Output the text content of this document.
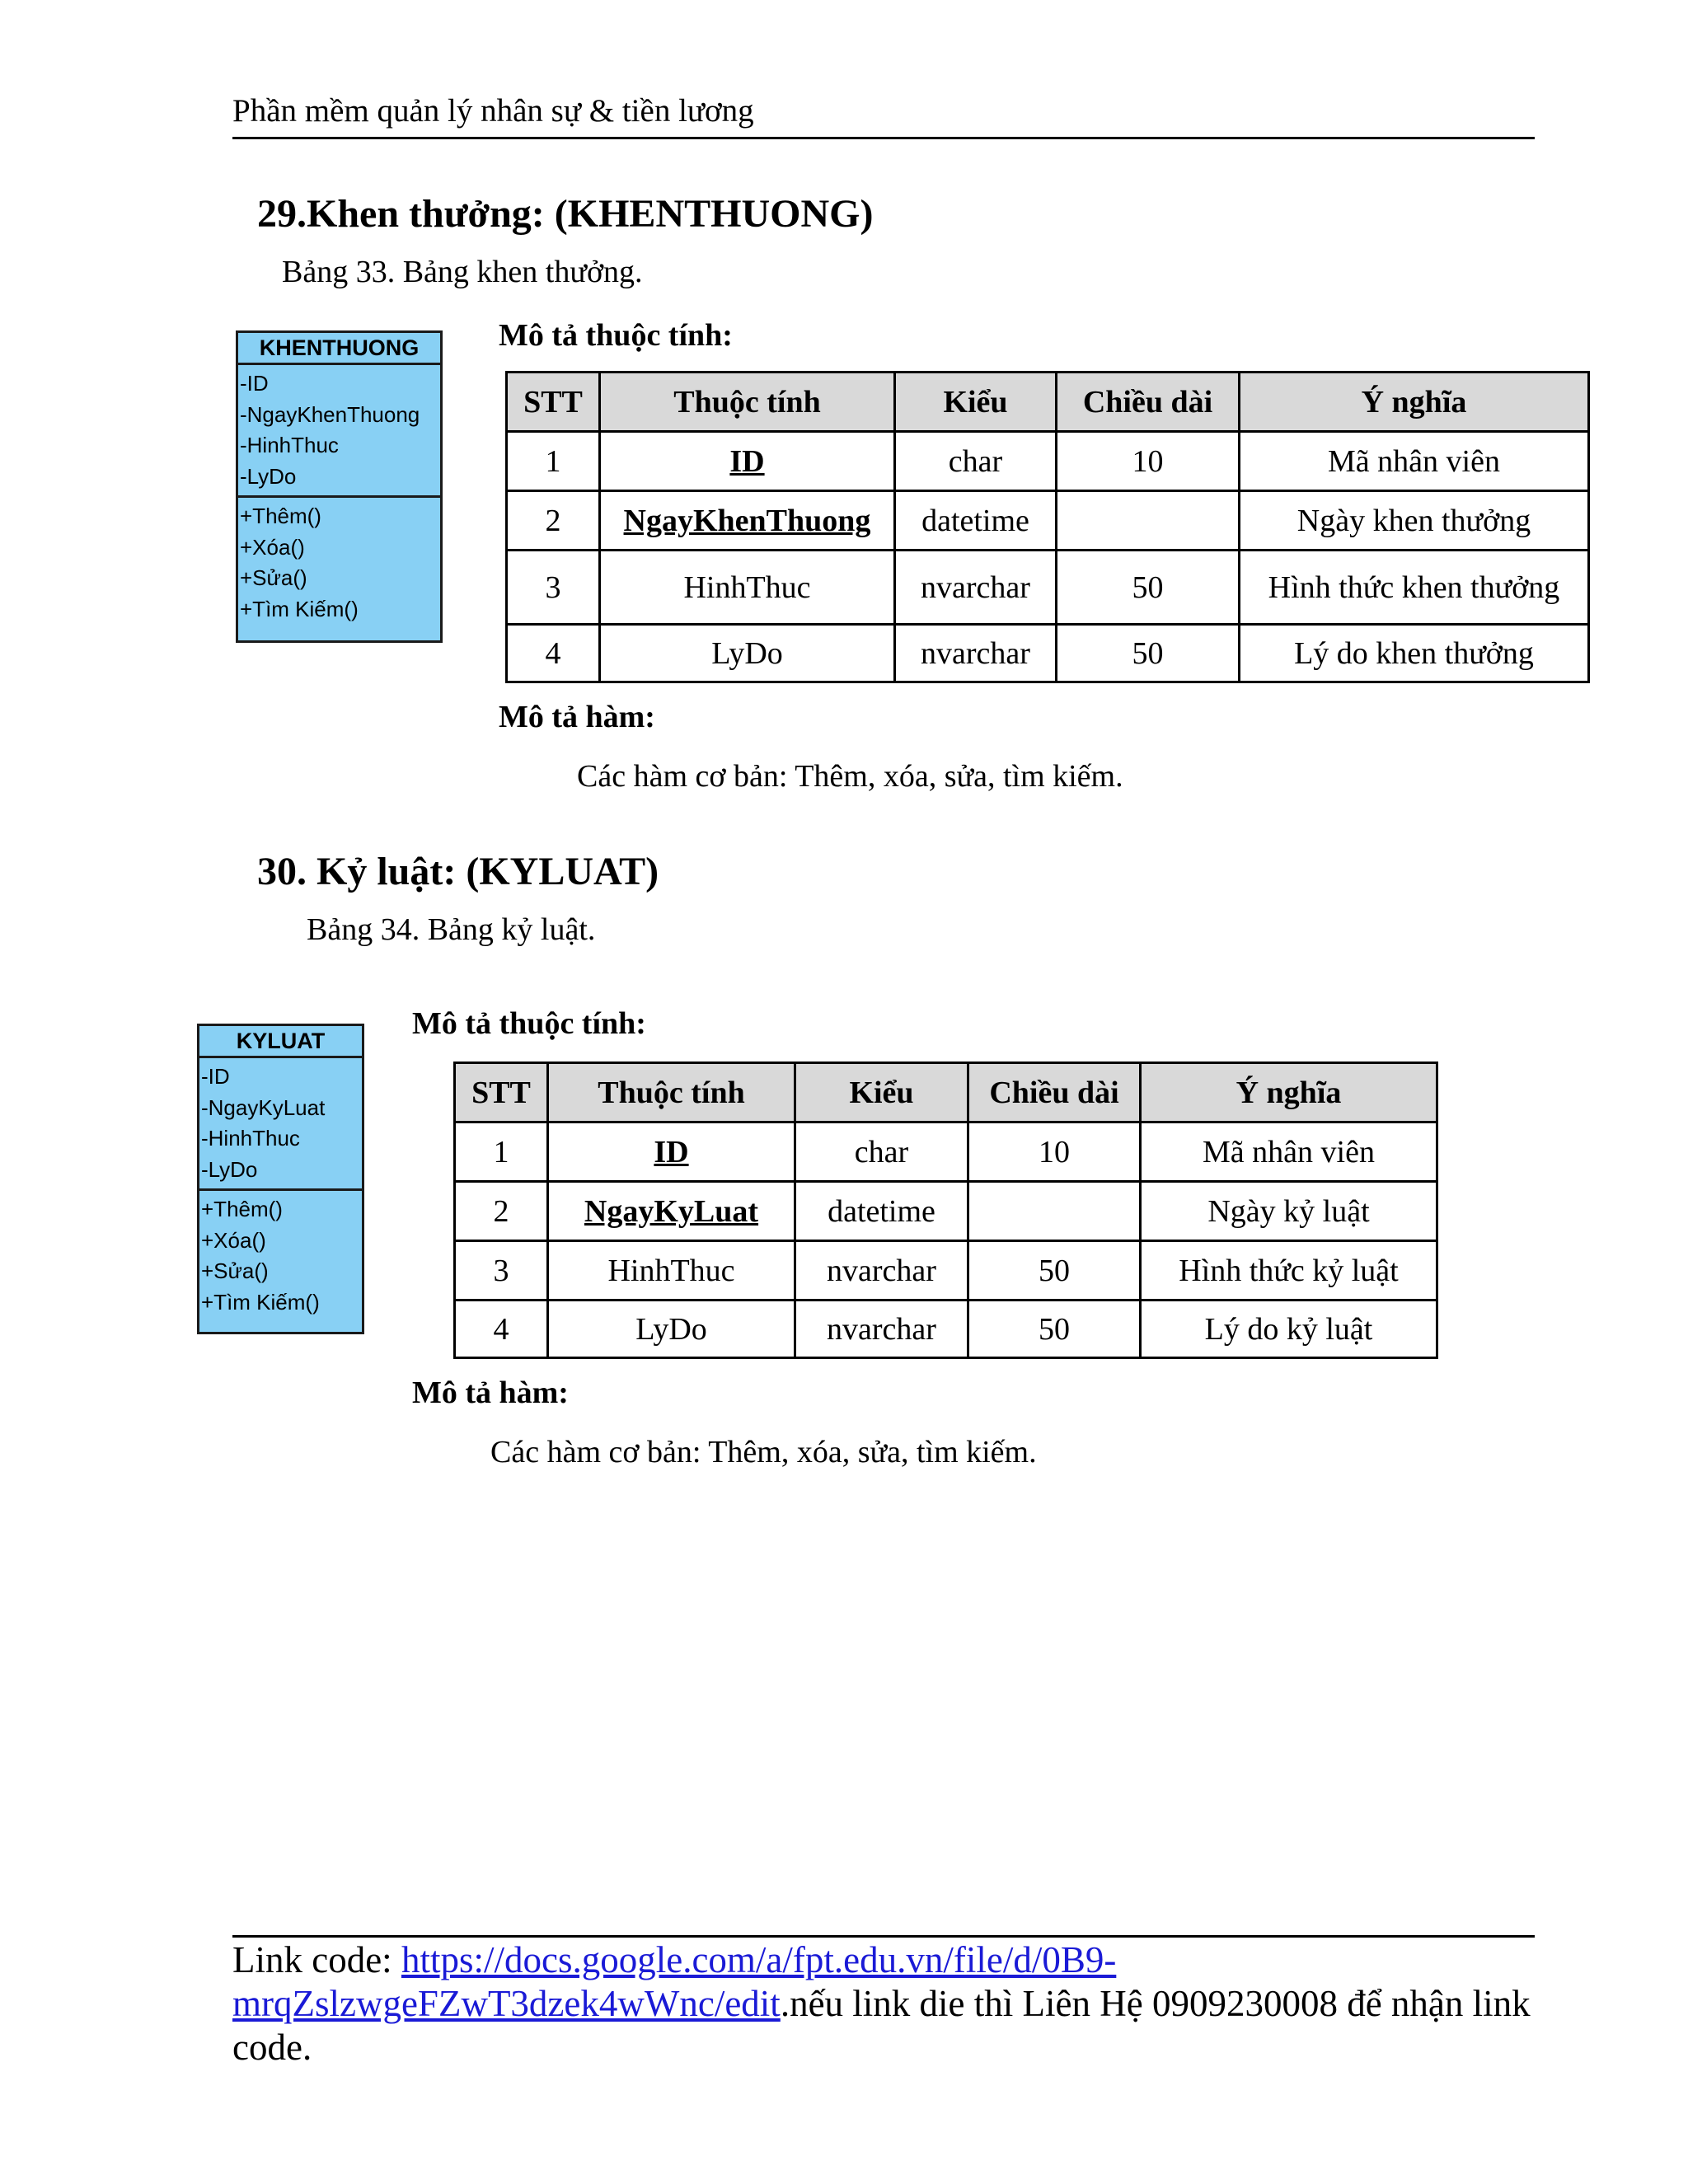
Phần mềm quản lý nhân sự & tiền lương
29.Khen thưởng: (KHENTHUONG)
Bảng 33. Bảng khen thưởng.
KHENTHUONG
-ID
-NgayKhenThuong
-HinhThuc
-LyDo
+Thêm()
+Xóa()
+Sửa()
+Tìm Kiếm()
Mô tả thuộc tính:
STT	Thuộc tính	Kiểu	Chiều dài	Ý nghĩa
1	ID	char	10	Mã nhân viên
2	NgayKhenThuong	datetime		Ngày khen thưởng
3	HinhThuc	nvarchar	50	Hình thức khen thưởng
4	LyDo	nvarchar	50	Lý do khen thưởng
Mô tả hàm:
Các hàm cơ bản: Thêm, xóa, sửa, tìm kiếm.
30. Kỷ luật: (KYLUAT)
Bảng 34. Bảng kỷ luật.
KYLUAT
-ID
-NgayKyLuat
-HinhThuc
-LyDo
+Thêm()
+Xóa()
+Sửa()
+Tìm Kiếm()
Mô tả thuộc tính:
STT	Thuộc tính	Kiểu	Chiều dài	Ý nghĩa
1	ID	char	10	Mã nhân viên
2	NgayKyLuat	datetime		Ngày kỷ luật
3	HinhThuc	nvarchar	50	Hình thức kỷ luật
4	LyDo	nvarchar	50	Lý do kỷ luật
Mô tả hàm:
Các hàm cơ bản: Thêm, xóa, sửa, tìm kiếm.
Link code: https://docs.google.com/a/fpt.edu.vn/file/d/0B9-mrqZslzwgeFZwT3dzek4wWnc/edit.nếu link die thì Liên Hệ 0909230008 để nhận link code.
